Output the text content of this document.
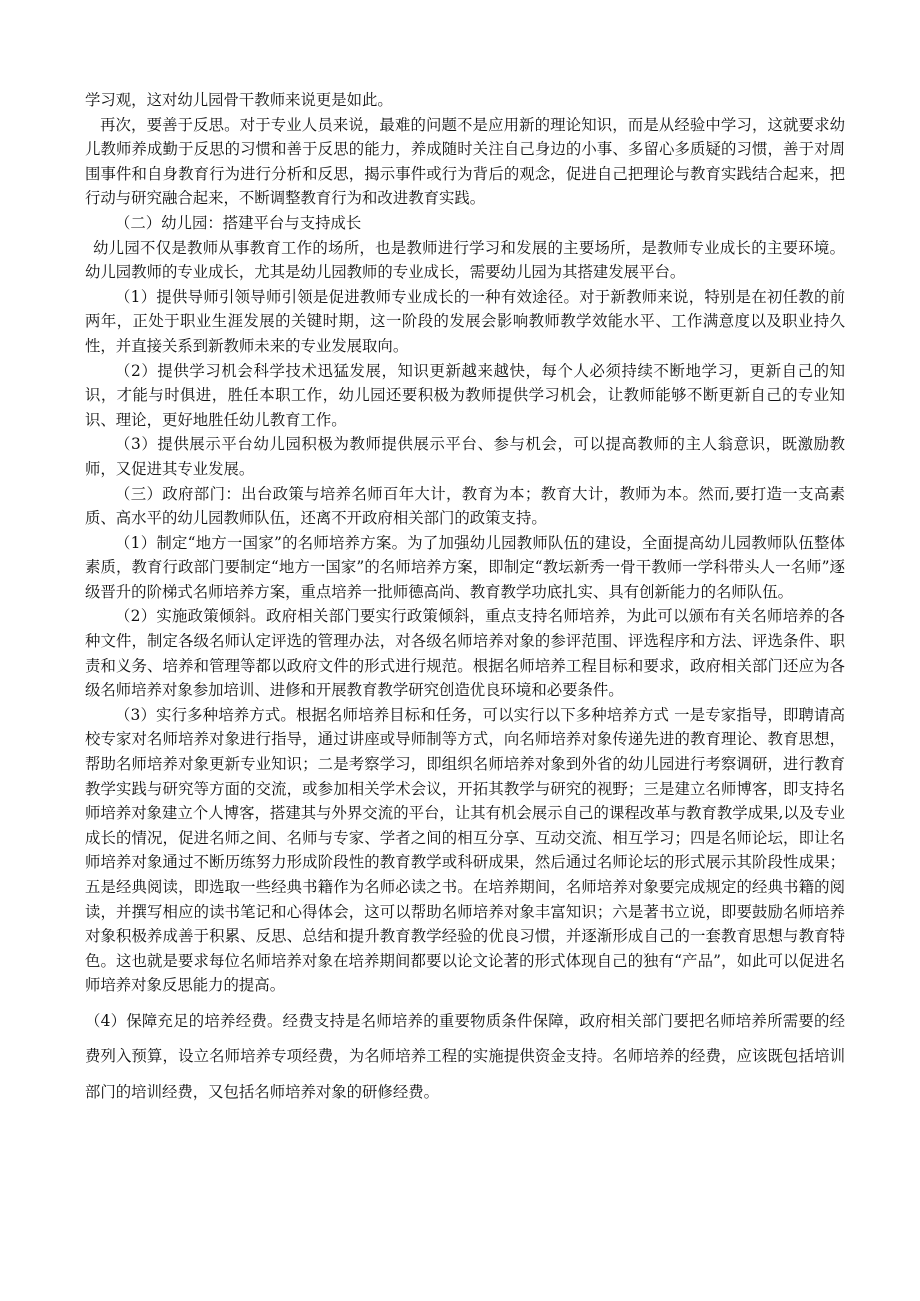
学习观，这对幼儿园骨干教师来说更是如此。

再次，要善于反思。对于专业人员来说，最难的问题不是应用新的理论知识，而是从经验中学习，这就要求幼儿教师养成勤于反思的习惯和善于反思的能力，养成随时关注自己身边的小事、多留心多质疑的习惯，善于对周围事件和自身教育行为进行分析和反思，揭示事件或行为背后的观念，促进自己把理论与教育实践结合起来，把行动与研究融合起来，不断调整教育行为和改进教育实践。

（二）幼儿园：搭建平台与支持成长

幼儿园不仅是教师从事教育工作的场所，也是教师进行学习和发展的主要场所，是教师专业成长的主要环境。幼儿园教师的专业成长，尤其是幼儿园教师的专业成长，需要幼儿园为其搭建发展平台。

（1）提供导师引领导师引领是促进教师专业成长的一种有效途径。对于新教师来说，特别是在初任教的前两年，正处于职业生涯发展的关键时期，这一阶段的发展会影响教师教学效能水平、工作满意度以及职业持久性，并直接关系到新教师未来的专业发展取向。

（2）提供学习机会科学技术迅猛发展，知识更新越来越快，每个人必须持续不断地学习，更新自己的知识，才能与时俱进，胜任本职工作，幼儿园还要积极为教师提供学习机会，让教师能够不断更新自己的专业知识、理论，更好地胜任幼儿教育工作。

（3）提供展示平台幼儿园积极为教师提供展示平台、参与机会，可以提高教师的主人翁意识，既激励教师，又促进其专业发展。

（三）政府部门：出台政策与培养名师百年大计，教育为本；教育大计，教师为本。然而,要打造一支高素质、高水平的幼儿园教师队伍，还离不开政府相关部门的政策支持。

（1）制定“地方一国家”的名师培养方案。为了加强幼儿园教师队伍的建设，全面提高幼儿园教师队伍整体素质，教育行政部门要制定“地方一国家”的名师培养方案，即制定“教坛新秀一骨干教师一学科带头人一名师”逐级晋升的阶梯式名师培养方案，重点培养一批师德高尚、教育教学功底扎实、具有创新能力的名师队伍。

（2）实施政策倾斜。政府相关部门要实行政策倾斜，重点支持名师培养，为此可以颁布有关名师培养的各种文件，制定各级名师认定评选的管理办法，对各级名师培养对象的参评范围、评选程序和方法、评选条件、职责和义务、培养和管理等都以政府文件的形式进行规范。根据名师培养工程目标和要求，政府相关部门还应为各级名师培养对象参加培训、进修和开展教育教学研究创造优良环境和必要条件。

（3）实行多种培养方式。根据名师培养目标和任务，可以实行以下多种培养方式 一是专家指导，即聘请高校专家对名师培养对象进行指导，通过讲座或导师制等方式，向名师培养对象传递先进的教育理论、教育思想，帮助名师培养对象更新专业知识；二是考察学习，即组织名师培养对象到外省的幼儿园进行考察调研，进行教育教学实践与研究等方面的交流，或参加相关学术会议，开拓其教学与研究的视野；三是建立名师博客，即支持名师培养对象建立个人博客，搭建其与外界交流的平台，让其有机会展示自己的课程改革与教育教学成果,以及专业成长的情况，促进名师之间、名师与专家、学者之间的相互分享、互动交流、相互学习；四是名师论坛，即让名师培养对象通过不断历练努力形成阶段性的教育教学或科研成果，然后通过名师论坛的形式展示其阶段性成果；五是经典阅读，即选取一些经典书籍作为名师必读之书。在培养期间，名师培养对象要完成规定的经典书籍的阅读，并撰写相应的读书笔记和心得体会，这可以帮助名师培养对象丰富知识；六是著书立说，即要鼓励名师培养对象积极养成善于积累、反思、总结和提升教育教学经验的优良习惯，并逐渐形成自己的一套教育思想与教育特色。这也就是要求每位名师培养对象在培养期间都要以论文论著的形式体现自己的独有“产品”，如此可以促进名师培养对象反思能力的提高。

（4）保障充足的培养经费。经费支持是名师培养的重要物质条件保障，政府相关部门要把名师培养所需要的经费列入预算，设立名师培养专项经费，为名师培养工程的实施提供资金支持。名师培养的经费，应该既包括培训部门的培训经费，又包括名师培养对象的研修经费。
